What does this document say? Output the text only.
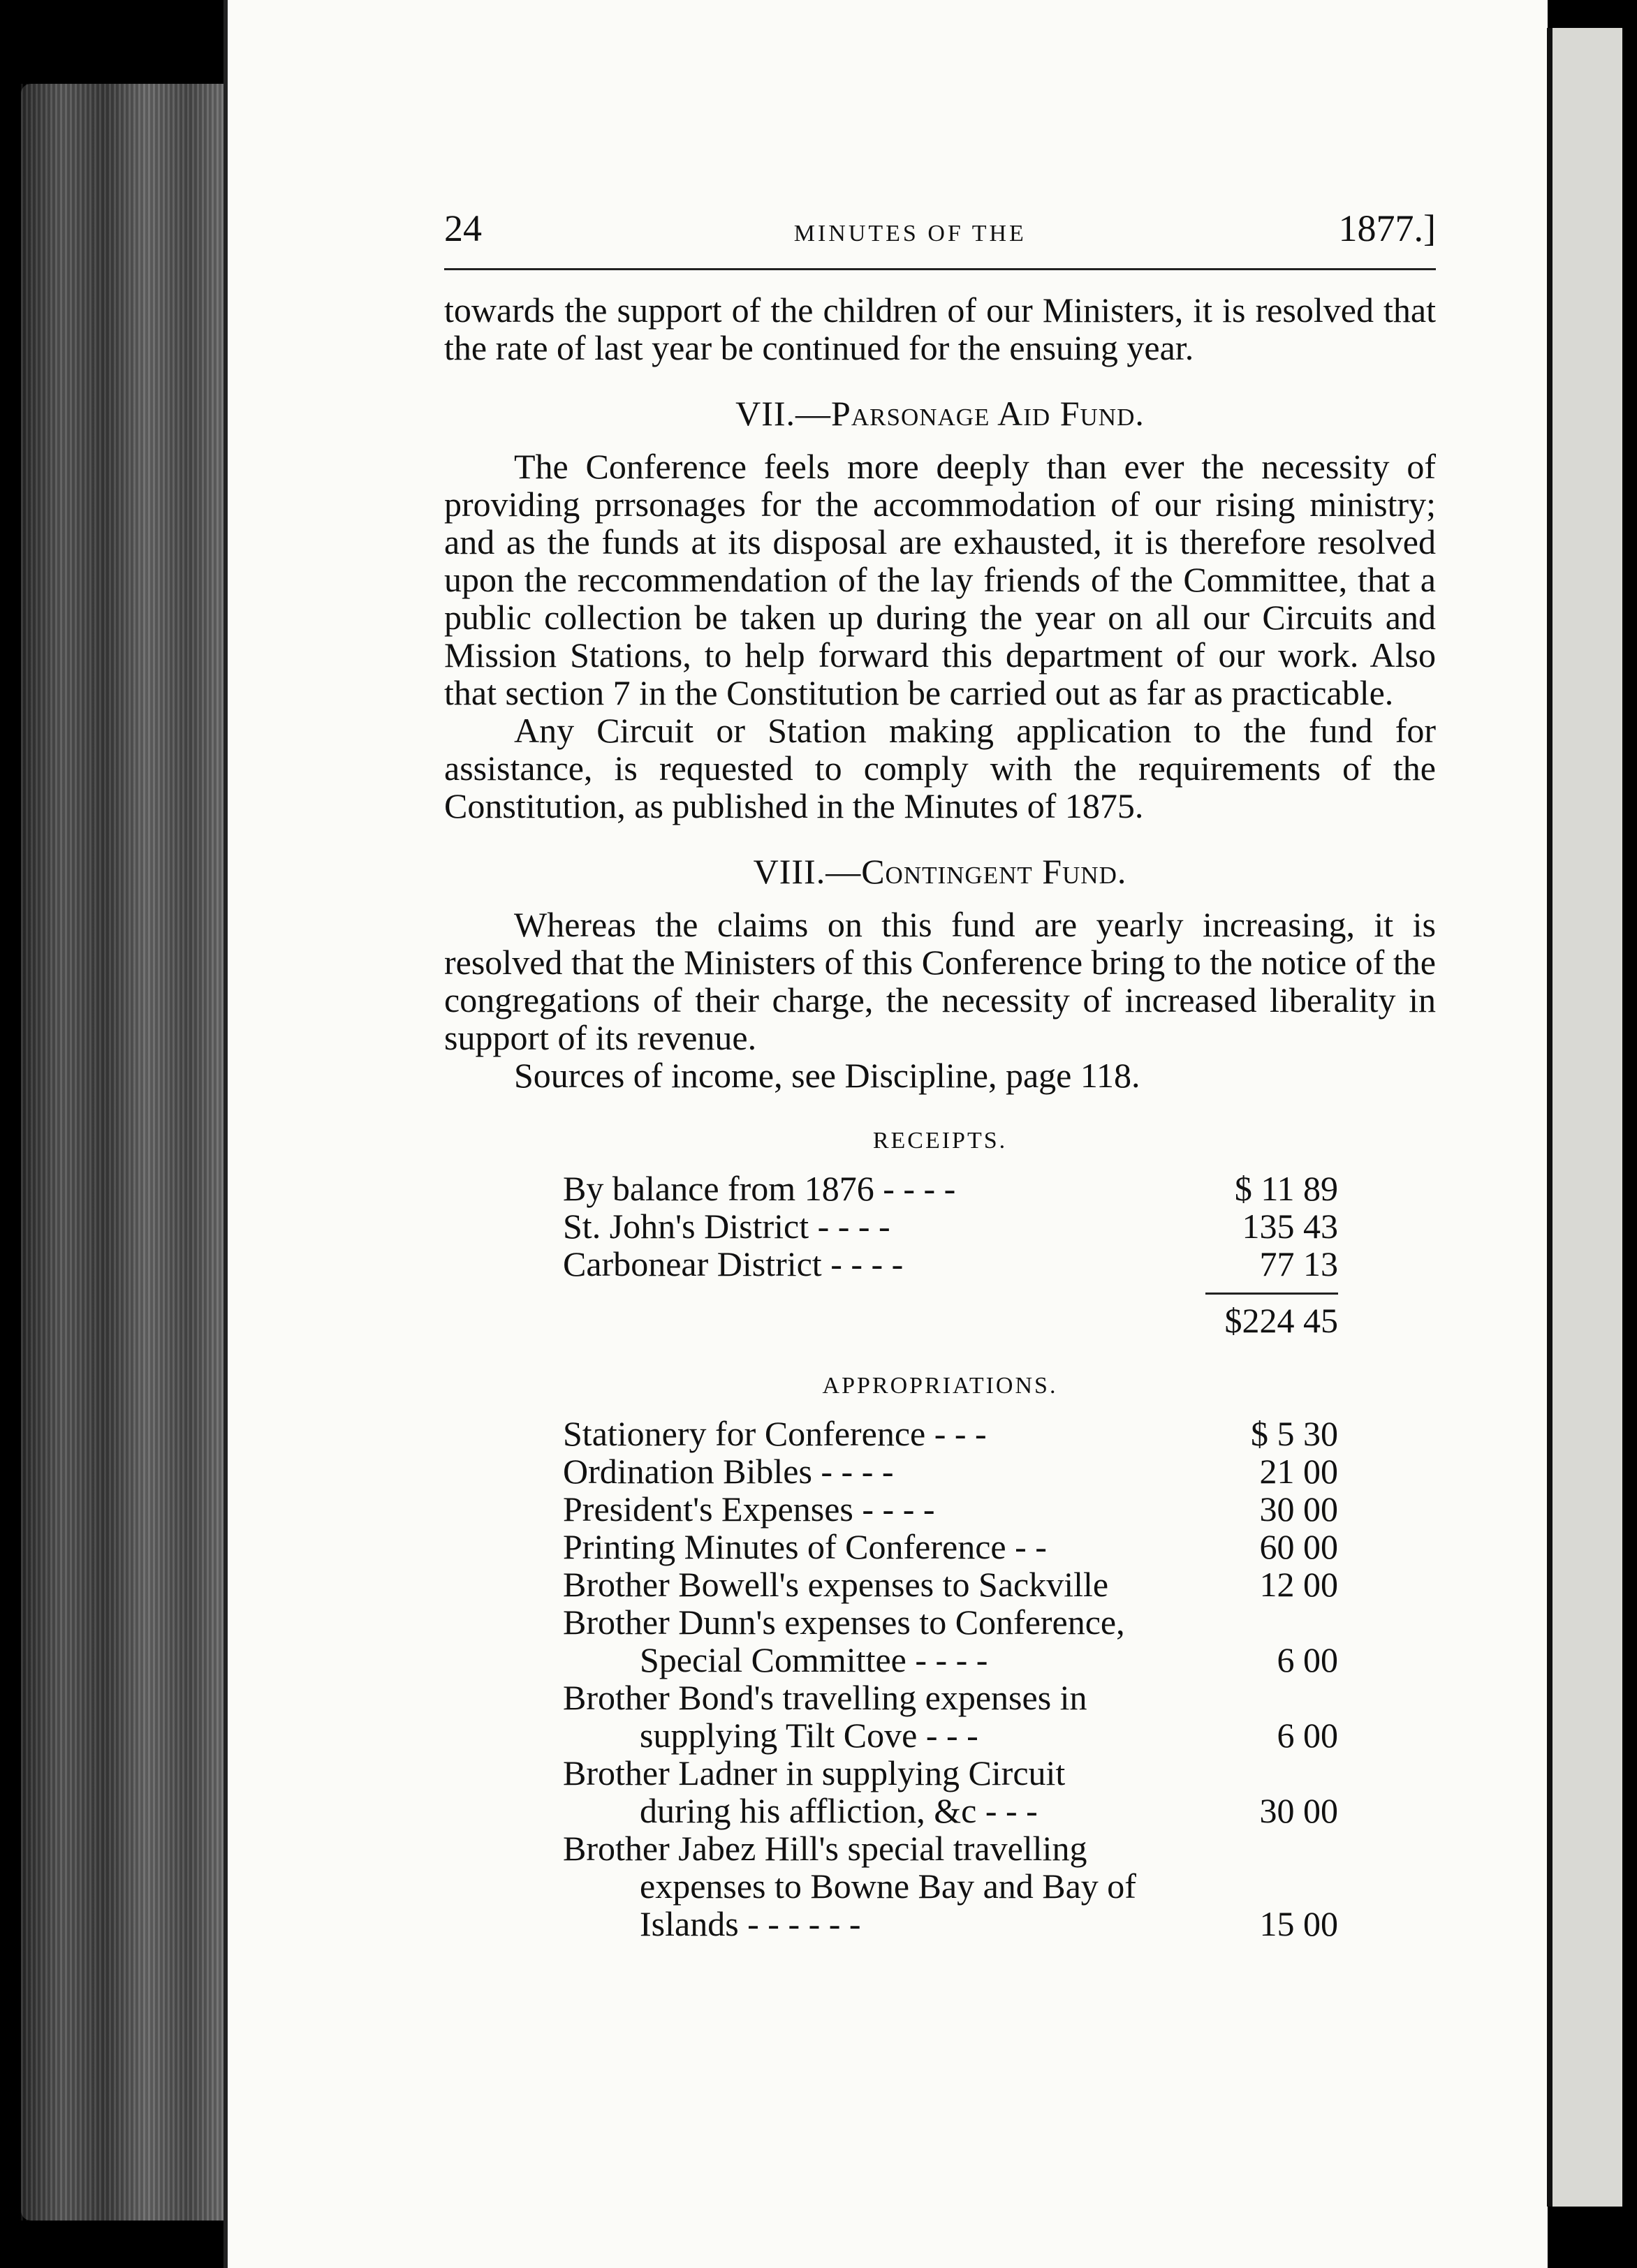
24	MINUTES OF THE	1877.]

towards the support of the children of our Ministers, it is resolved that the rate of last year be continued for the ensuing year.

VII.—Parsonage Aid Fund.

The Conference feels more deeply than ever the necessity of providing prrsonages for the accommodation of our rising ministry; and as the funds at its disposal are exhausted, it is therefore resolved upon the reccommendation of the lay friends of the Committee, that a public collection be taken up during the year on all our Circuits and Mission Stations, to help forward this department of our work. Also that section 7 in the Constitution be carried out as far as practicable.

Any Circuit or Station making application to the fund for assistance, is requested to comply with the requirements of the Constitution, as published in the Minutes of 1875.

VIII.—Contingent Fund.

Whereas the claims on this fund are yearly increasing, it is resolved that the Ministers of this Conference bring to the notice of the congregations of their charge, the necessity of increased liberality in support of its revenue.

Sources of income, see Discipline, page 118.

RECEIPTS.
By balance from 1876 - - - -	$ 11 89
St. John's District - - - -	135 43
Carbonear District - - - -	77 13
$224 45
APPROPRIATIONS.
Stationery for Conference - - -	$ 5 30
Ordination Bibles - - - -	21 00
President's Expenses - - - -	30 00
Printing Minutes of Conference - -	60 00
Brother Bowell's expenses to Sackville	12 00
Brother Dunn's expenses to Conference,
Special Committee - - - -	6 00
Brother Bond's travelling expenses in
supplying Tilt Cove - - -	6 00
Brother Ladner in supplying Circuit
during his affliction, &c - - -	30 00
Brother Jabez Hill's special travelling
expenses to Bowne Bay and Bay of
Islands - - - - - -	15 00
